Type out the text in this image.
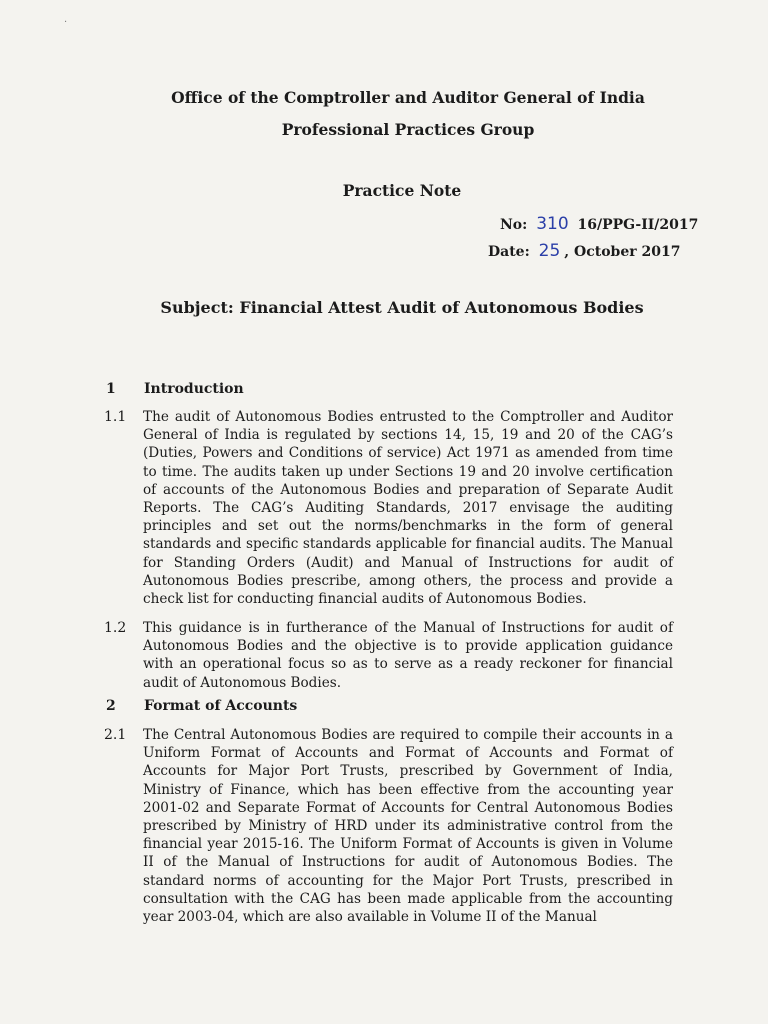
.
Office of the Comptroller and Auditor General of India
Professional Practices Group
Practice Note
No: 310 16/PPG-II/2017
Date: 25 , October 2017
Subject: Financial Attest Audit of Autonomous Bodies
1 Introduction
1.1 The audit of Autonomous Bodies entrusted to the Comptroller and Auditor General of India is regulated by sections 14, 15, 19 and 20 of the CAG’s (Duties, Powers and Conditions of service) Act 1971 as amended from time to time. The audits taken up under Sections 19 and 20 involve certification of accounts of the Autonomous Bodies and preparation of Separate Audit Reports. The CAG’s Auditing Standards, 2017 envisage the auditing principles and set out the norms/benchmarks in the form of general standards and specific standards applicable for financial audits. The Manual for Standing Orders (Audit) and Manual of Instructions for audit of Autonomous Bodies prescribe, among others, the process and provide a check list for conducting financial audits of Autonomous Bodies.

1.2 This guidance is in furtherance of the Manual of Instructions for audit of Autonomous Bodies and the objective is to provide application guidance with an operational focus so as to serve as a ready reckoner for financial audit of Autonomous Bodies.

2 Format of Accounts
2.1 The Central Autonomous Bodies are required to compile their accounts in a Uniform Format of Accounts and Format of Accounts and Format of Accounts for Major Port Trusts, prescribed by Government of India, Ministry of Finance, which has been effective from the accounting year 2001-02 and Separate Format of Accounts for Central Autonomous Bodies prescribed by Ministry of HRD under its administrative control from the financial year 2015-16. The Uniform Format of Accounts is given in Volume II of the Manual of Instructions for audit of Autonomous Bodies. The standard norms of accounting for the Major Port Trusts, prescribed in consultation with the CAG has been made applicable from the accounting year 2003-04, which are also available in Volume II of the Manual
